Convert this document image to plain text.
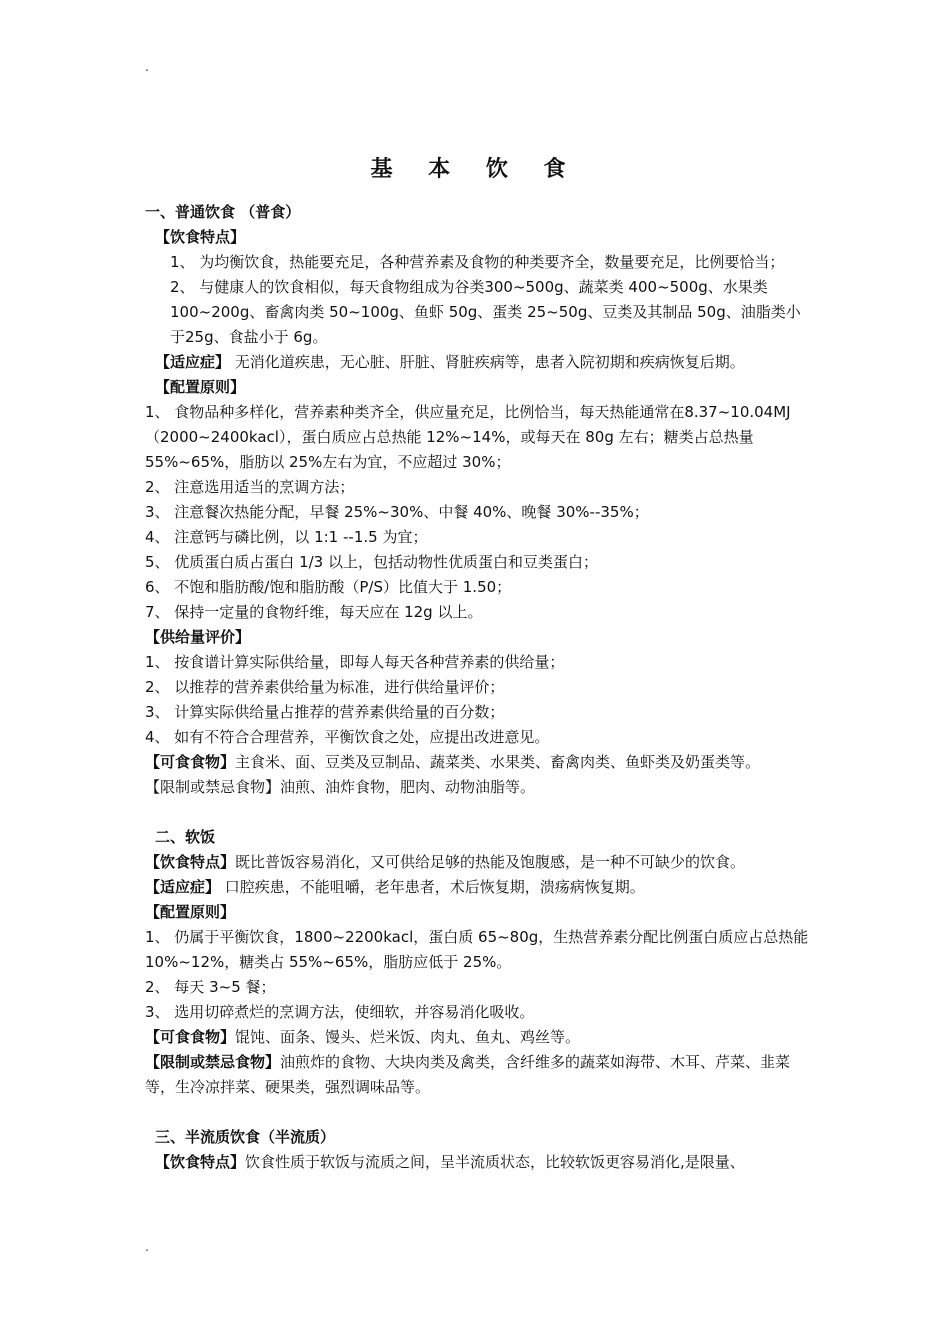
.
基 本 饮 食
一、普通饮食 （普食）
【饮食特点】
1、 为均衡饮食，热能要充足，各种营养素及食物的种类要齐全，数量要充足，比例要恰当；
2、 与健康人的饮食相似，每天食物组成为谷类300~500g、蔬菜类 400~500g、水果类100~200g、畜禽肉类 50~100g、鱼虾 50g、蛋类 25~50g、豆类及其制品 50g、油脂类小于25g、食盐小于 6g。
【适应症】 无消化道疾患，无心脏、肝脏、肾脏疾病等，患者入院初期和疾病恢复后期。
【配置原则】
1、 食物品种多样化，营养素种类齐全，供应量充足，比例恰当，每天热能通常在8.37~10.04MJ（2000~2400kacl），蛋白质应占总热能 12%~14%，或每天在 80g 左右；糖类占总热量 55%~65%，脂肪以 25%左右为宜，不应超过 30%；
2、 注意选用适当的烹调方法；
3、 注意餐次热能分配，早餐 25%~30%、中餐 40%、晚餐 30%--35%；
4、 注意钙与磷比例，以 1:1 --1.5 为宜；
5、 优质蛋白质占蛋白 1/3 以上，包括动物性优质蛋白和豆类蛋白；
6、 不饱和脂肪酸/饱和脂肪酸（P/S）比值大于 1.50；
7、 保持一定量的食物纤维，每天应在 12g 以上。
【供给量评价】
1、 按食谱计算实际供给量，即每人每天各种营养素的供给量；
2、 以推荐的营养素供给量为标准，进行供给量评价；
3、 计算实际供给量占推荐的营养素供给量的百分数；
4、 如有不符合合理营养，平衡饮食之处，应提出改进意见。
【可食食物】主食米、面、豆类及豆制品、蔬菜类、水果类、畜禽肉类、鱼虾类及奶蛋类等。
【限制或禁忌食物】油煎、油炸食物，肥肉、动物油脂等。
二、软饭
【饮食特点】既比普饭容易消化，又可供给足够的热能及饱腹感，是一种不可缺少的饮食。
【适应症】 口腔疾患，不能咀嚼，老年患者，术后恢复期，溃疡病恢复期。
【配置原则】
1、 仍属于平衡饮食，1800~2200kacl，蛋白质 65~80g，生热营养素分配比例蛋白质应占总热能 10%~12%，糖类占 55%~65%，脂肪应低于 25%。
2、 每天 3~5 餐；
3、 选用切碎煮烂的烹调方法，使细软，并容易消化吸收。
【可食食物】馄饨、面条、馒头、烂米饭、肉丸、鱼丸、鸡丝等。
【限制或禁忌食物】油煎炸的食物、大块肉类及禽类，含纤维多的蔬菜如海带、木耳、芹菜、韭菜等，生冷凉拌菜、硬果类，强烈调味品等。
三、半流质饮食（半流质）
【饮食特点】饮食性质于软饭与流质之间，呈半流质状态，比较软饭更容易消化,是限量、
.
